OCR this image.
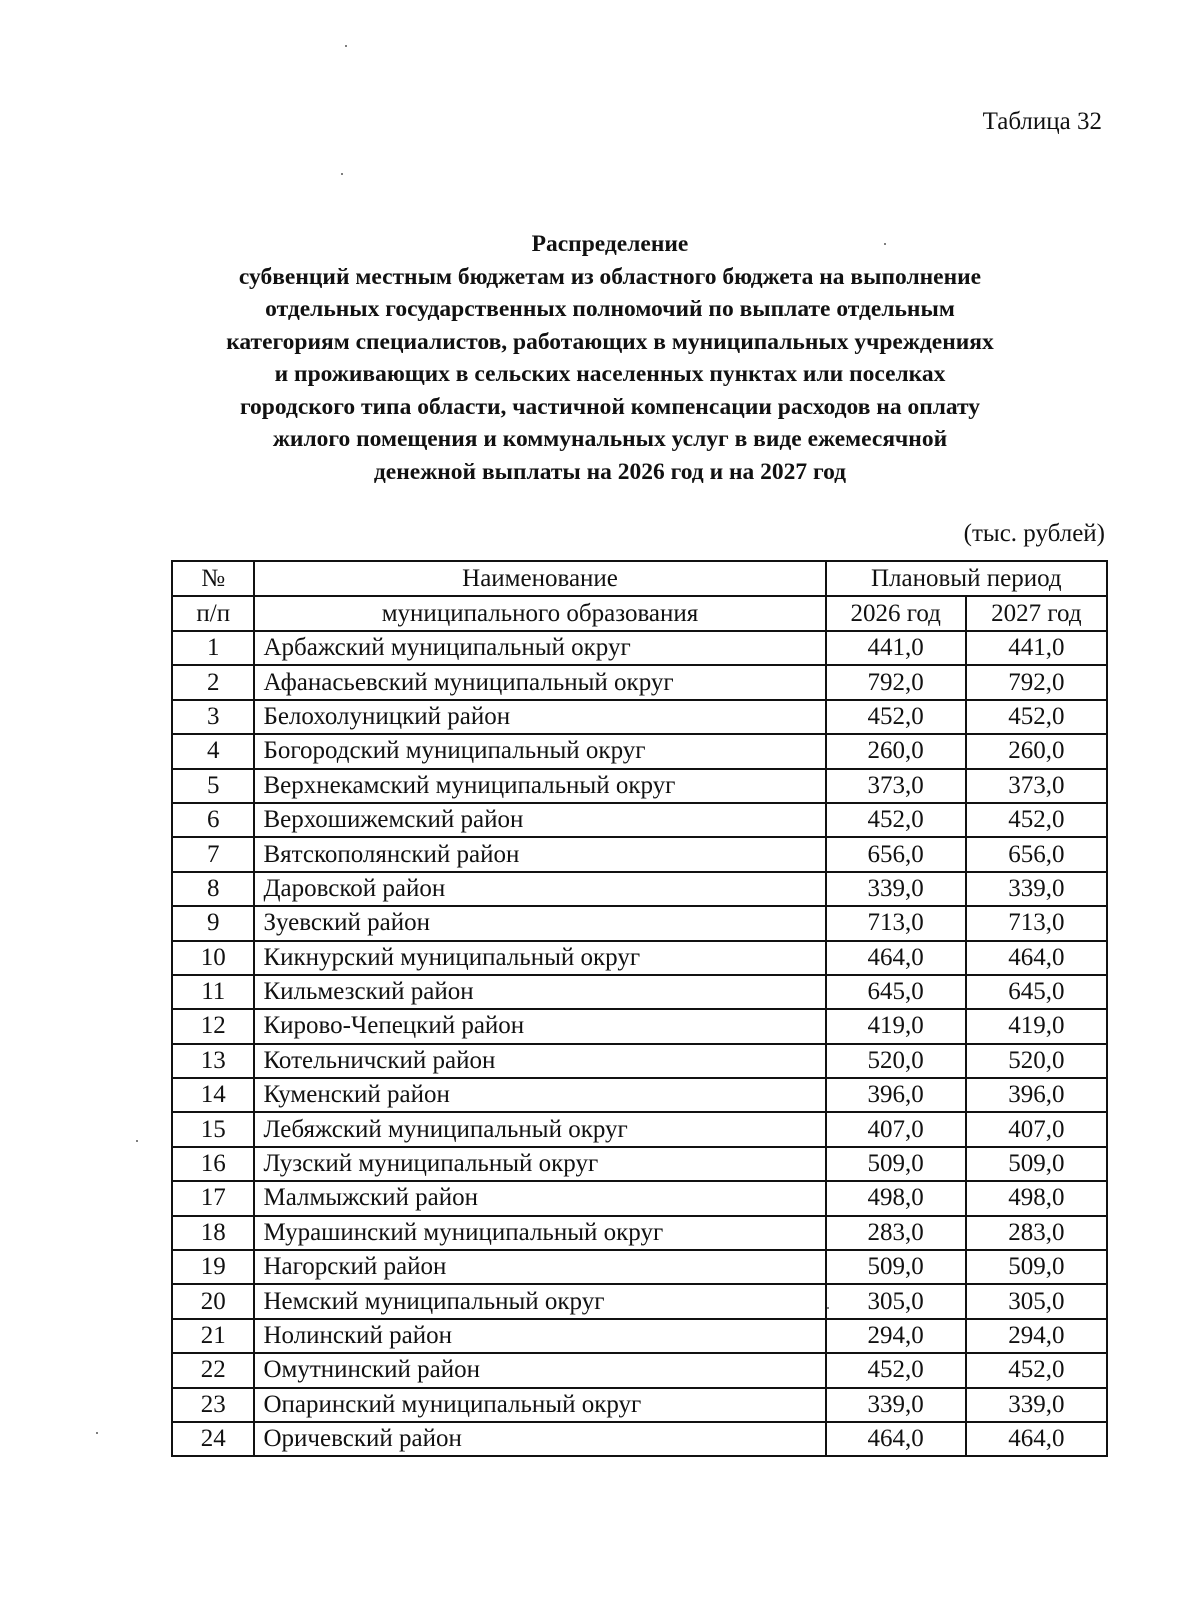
Таблица 32
Распределение
субвенций местным бюджетам из областного бюджета на выполнение
отдельных государственных полномочий по выплате отдельным
категориям специалистов, работающих в муниципальных учреждениях
и проживающих в сельских населенных пунктах или поселках
городского типа области, частичной компенсации расходов на оплату
жилого помещения и коммунальных услуг в виде ежемесячной
денежной выплаты на 2026 год и на 2027 год
(тыс. рублей)
№	Наименование	Плановый период	
п/п	муниципального образования	2026 год	2027 год
1	Арбажский муниципальный округ	441,0	441,0
2	Афанасьевский муниципальный округ	792,0	792,0
3	Белохолуницкий район	452,0	452,0
4	Богородский муниципальный округ	260,0	260,0
5	Верхнекамский муниципальный округ	373,0	373,0
6	Верхошижемский район	452,0	452,0
7	Вятскополянский район	656,0	656,0
8	Даровской район	339,0	339,0
9	Зуевский район	713,0	713,0
10	Кикнурский муниципальный округ	464,0	464,0
11	Кильмезский район	645,0	645,0
12	Кирово-Чепецкий район	419,0	419,0
13	Котельничский район	520,0	520,0
14	Куменский район	396,0	396,0
15	Лебяжский муниципальный округ	407,0	407,0
16	Лузский муниципальный округ	509,0	509,0
17	Малмыжский район	498,0	498,0
18	Мурашинский муниципальный округ	283,0	283,0
19	Нагорский район	509,0	509,0
20	Немский муниципальный округ	305,0	305,0
21	Нолинский район	294,0	294,0
22	Омутнинский район	452,0	452,0
23	Опаринский муниципальный округ	339,0	339,0
24	Оричевский район	464,0	464,0
